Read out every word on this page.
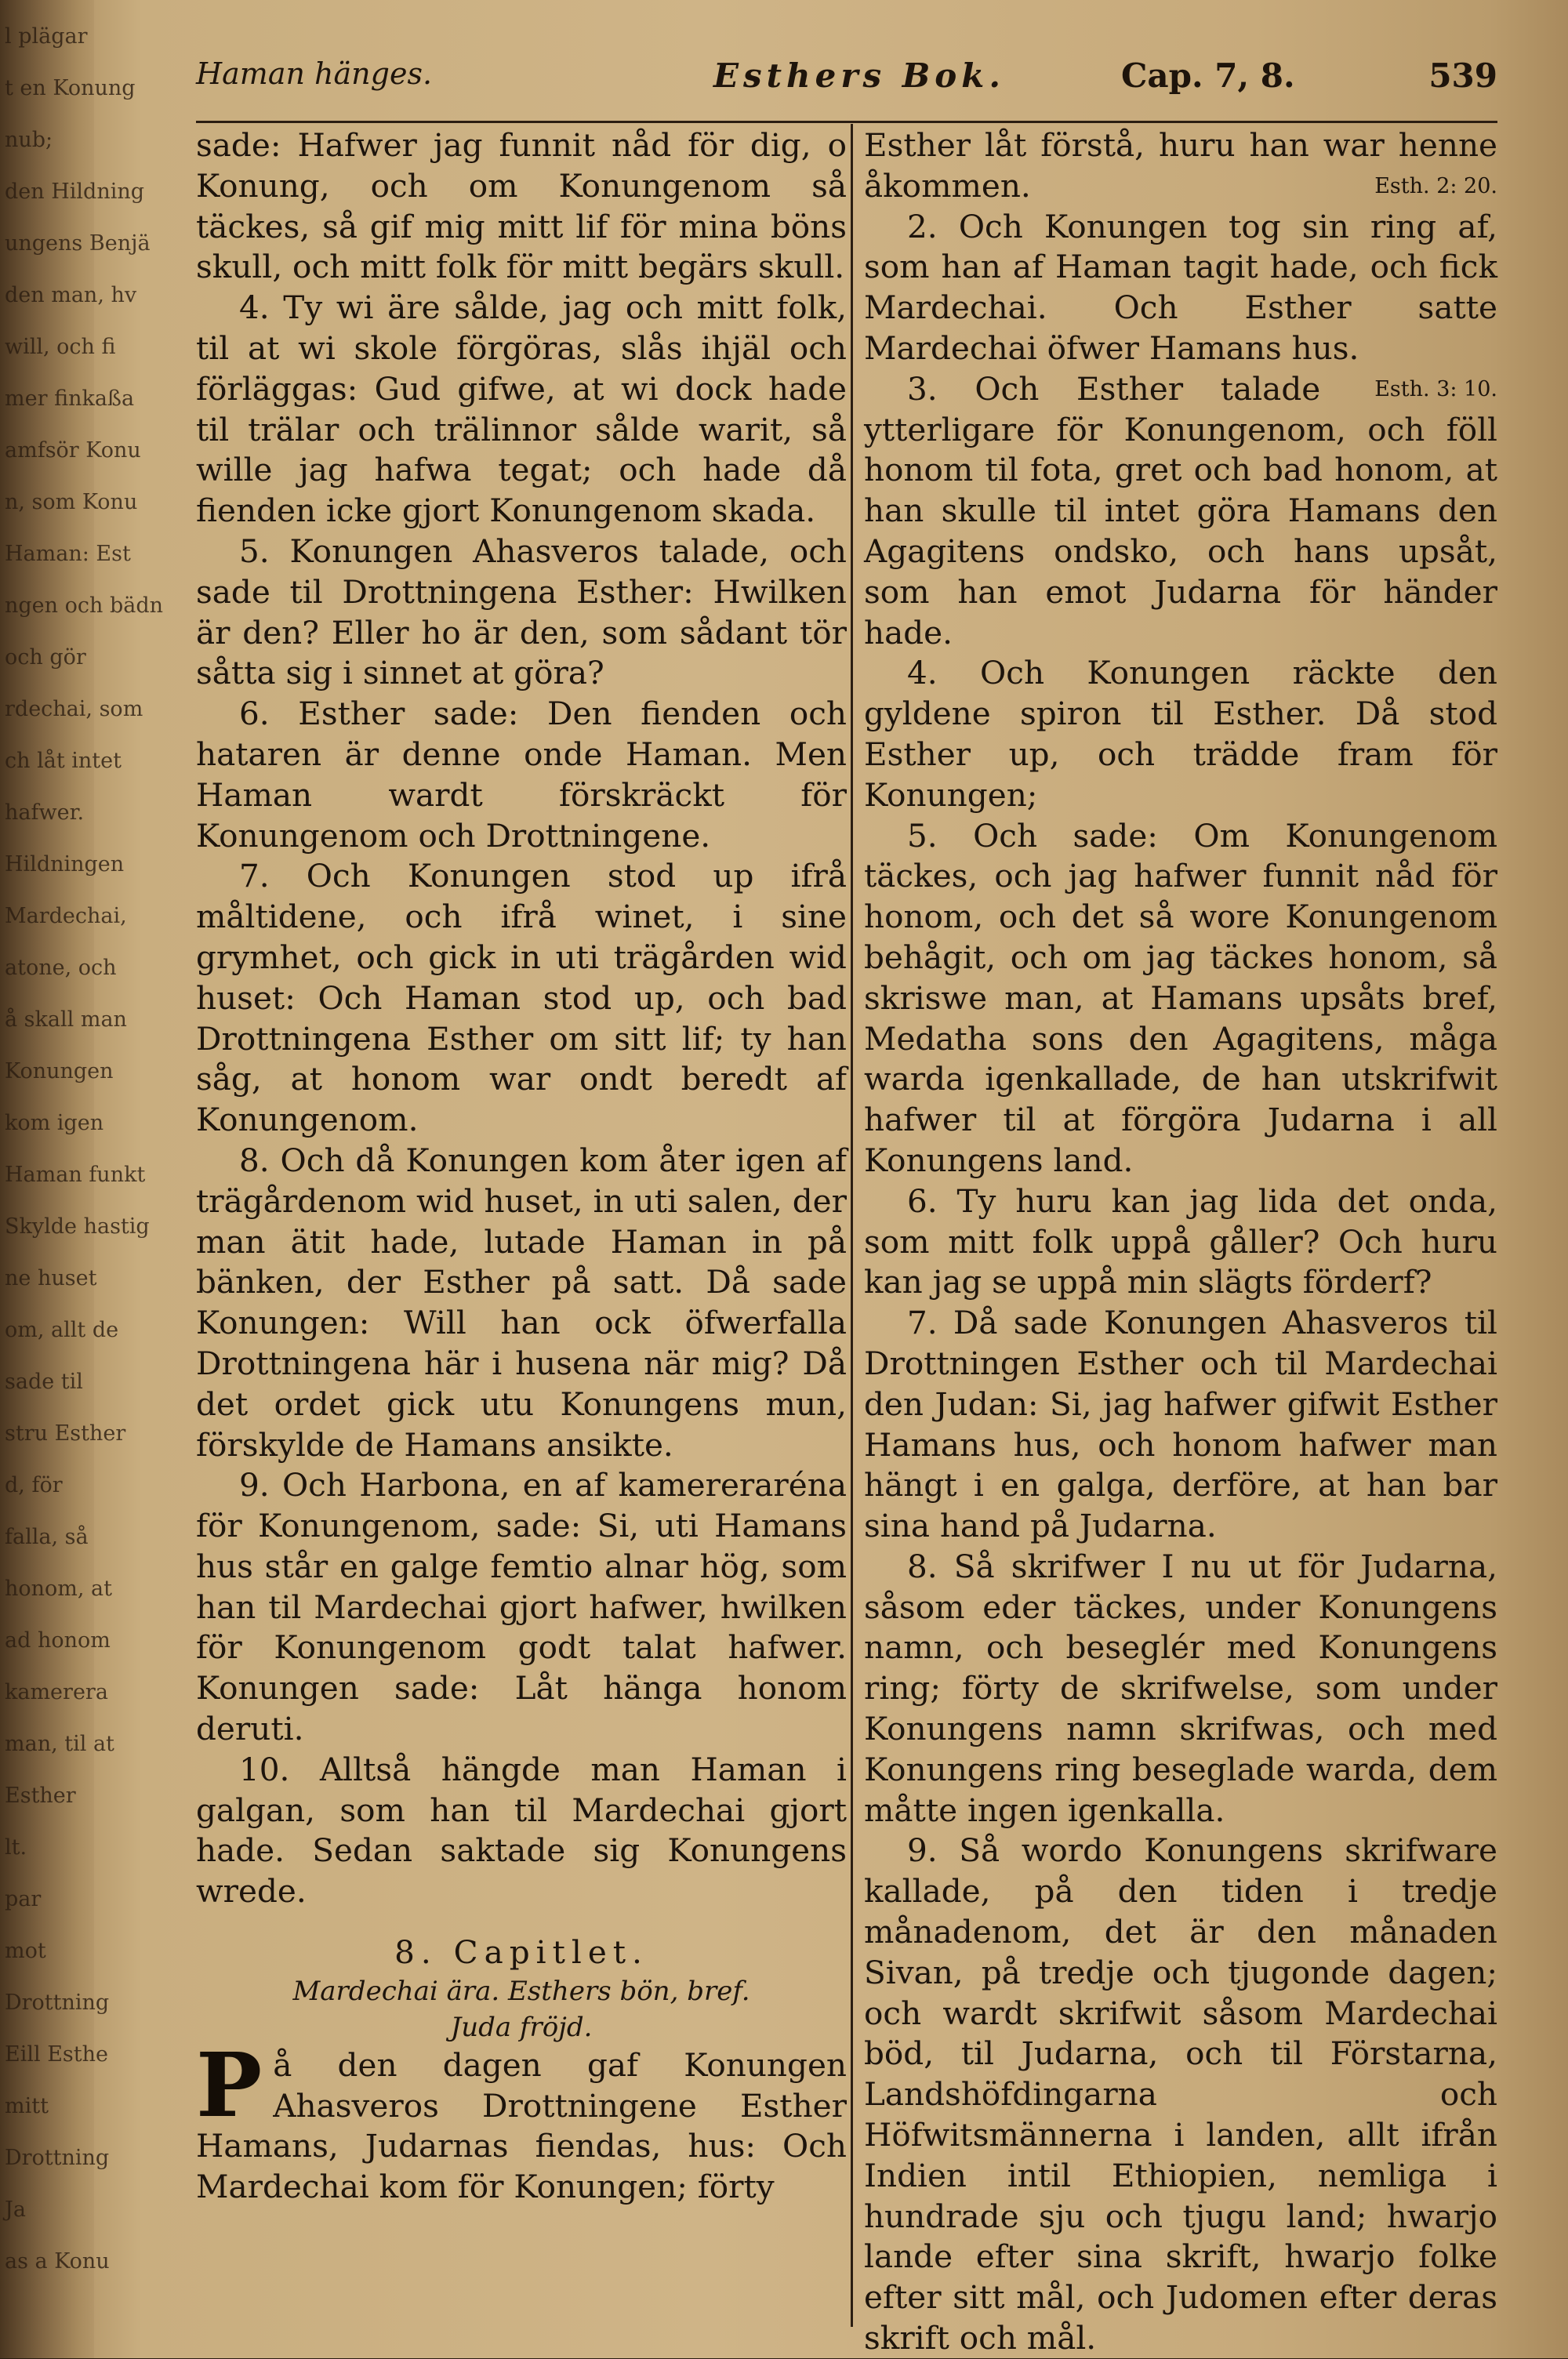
l plägar

t en Konung

nub;

den Hildning

ungens Benjä

den man, hv

will, och fi

mer finkaßa

amfsör Konu

n, som Konu

Haman: Est

ngen och bädn

och gör

rdechai, som

ch låt intet

hafwer.

Hildningen

Mardechai,

atone, och

å skall man

Konungen

kom igen

Haman funkt

Skylde hastig

ne huset

om, allt de

sade til

stru Esther

d, för

falla, så

honom, at

ad honom

kamerera

man, til at

Esther

lt.

par

mot

Drottning

Eill Esthe

mitt

Drottning

Ja

as a Konu

Haman hänges.	Esthers Bok.	Cap. 7, 8.	539

sade: Hafwer jag funnit nåd för dig, o Konung, och om Konungenom så täckes, så gif mig mitt lif för mina böns skull, och mitt folk för mitt begärs skull.

4. Ty wi äre sålde, jag och mitt folk, til at wi skole förgöras, slås ihjäl och förläggas: Gud gifwe, at wi dock hade til trälar och trälinnor sålde warit, så wille jag hafwa tegat; och hade då fienden icke gjort Konungenom skada.

5. Konungen Ahasveros talade, och sade til Drottningena Esther: Hwilken är den? Eller ho är den, som sådant tör såtta sig i sinnet at göra?

6. Esther sade: Den fienden och hataren är denne onde Haman. Men Haman wardt förskräckt för Konungenom och Drottningene.

7. Och Konungen stod up ifrå måltidene, och ifrå winet, i sine grymhet, och gick in uti trägården wid huset: Och Haman stod up, och bad Drottningena Esther om sitt lif; ty han såg, at honom war ondt beredt af Konungenom.

8. Och då Konungen kom åter igen af trägårdenom wid huset, in uti salen, der man ätit hade, lutade Haman in på bänken, der Esther på satt. Då sade Konungen: Will han ock öfwerfalla Drottningena här i husena när mig? Då det ordet gick utu Konungens mun, förskylde de Hamans ansikte.

9. Och Harbona, en af kamereraréna för Konungenom, sade: Si, uti Hamans hus står en galge femtio alnar hög, som han til Mardechai gjort hafwer, hwilken för Konungenom godt talat hafwer. Konungen sade: Låt hänga honom deruti.

10. Alltså hängde man Haman i galgan, som han til Mardechai gjort hade. Sedan saktade sig Konungens wrede.

8. Capitlet.

Mardechai ära. Esthers bön, bref.

Juda fröjd.

På den dagen gaf Konungen Ahasveros Drottningene Esther Hamans, Judarnas fiendas, hus: Och Mardechai kom för Konungen; förty

Esther låt förstå, huru han war henne åkommen.	Esth. 2: 20.

2. Och Konungen tog sin ring af, som han af Haman tagit hade, och fick Mardechai. Och Esther satte Mardechai öfwer Hamans hus.
Esth. 3: 10.

3. Och Esther talade ytterligare för Konungenom, och föll honom til fota, gret och bad honom, at han skulle til intet göra Hamans den Agagitens ondsko, och hans upsåt, som han emot Judarna för händer hade.

4. Och Konungen räckte den gyldene spiron til Esther. Då stod Esther up, och trädde fram för Konungen;

5. Och sade: Om Konungenom täckes, och jag hafwer funnit nåd för honom, och det så wore Konungenom behågit, och om jag täckes honom, så skriswe man, at Hamans upsåts bref, Medatha sons den Agagitens, måga warda igenkallade, de han utskrifwit hafwer til at förgöra Judarna i all Konungens land.

6. Ty huru kan jag lida det onda, som mitt folk uppå gåller? Och huru kan jag se uppå min slägts förderf?

7. Då sade Konungen Ahasveros til Drottningen Esther och til Mardechai den Judan: Si, jag hafwer gifwit Esther Hamans hus, och honom hafwer man hängt i en galga, derföre, at han bar sina hand på Judarna.

8. Så skrifwer I nu ut för Judarna, såsom eder täckes, under Konungens namn, och beseglér med Konungens ring; förty de skrifwelse, som under Konungens namn skrifwas, och med Konungens ring beseglade warda, dem måtte ingen igenkalla.

9. Så wordo Konungens skrifware kallade, på den tiden i tredje månadenom, det är den månaden Sivan, på tredje och tjugonde dagen; och wardt skrifwit såsom Mardechai böd, til Judarna, och til Förstarna, Landshöfdingarna och Höfwitsmännerna i landen, allt ifrån Indien intil Ethiopien, nemliga i hundrade sju och tjugu land; hwarjo lande efter sina skrift, hwarjo folke efter sitt mål, och Judomen efter deras skrift och mål.
